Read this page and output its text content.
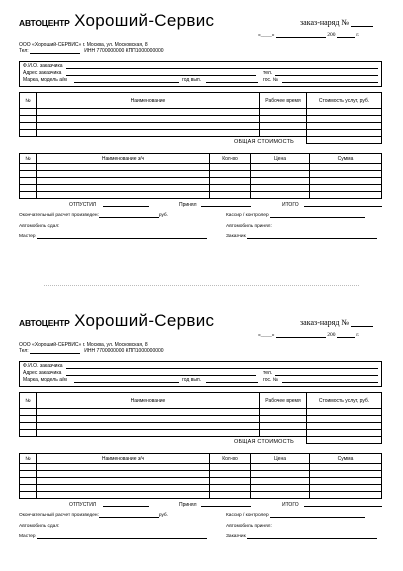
АВТОЦЕНТР Хороший-Сервис	заказ-наряд №
«____»	200	г.
ООО «Хороший-СЕРВИС» г. Москва, ул. Московская, 8
Тел:	ИНН 7700000000 КПП1000000000
Ф.И.О. заказчика
Адрес заказчика	тел.
Марка, модель а/м	год вып.	гос. №
№	Наименование	Рабочее время	Стоимость услуг, руб.

ОБЩАЯ СТОИМОСТЬ
№	Наименование з/ч	Кол-во	Цена	Сумма

ОТПУСТИЛ	Принял	ИТОГО
Окончательный расчет произведен:	руб.	Кассир / контролер
Автомобиль сдал:	Автомобиль принял:
Мастер	Заказчик
АВТОЦЕНТР Хороший-Сервис	заказ-наряд №
«____»	200	г.
ООО «Хороший-СЕРВИС» г. Москва, ул. Московская, 8
Тел:	ИНН 7700000000 КПП1000000000
Ф.И.О. заказчика
Адрес заказчика	тел.
Марка, модель а/м	год вып.	гос. №
№	Наименование	Рабочее время	Стоимость услуг, руб.

ОБЩАЯ СТОИМОСТЬ
№	Наименование з/ч	Кол-во	Цена	Сумма

ОТПУСТИЛ	Принял	ИТОГО
Окончательный расчет произведен:	руб.	Кассир / контролер
Автомобиль сдал:	Автомобиль принял:
Мастер	Заказчик
